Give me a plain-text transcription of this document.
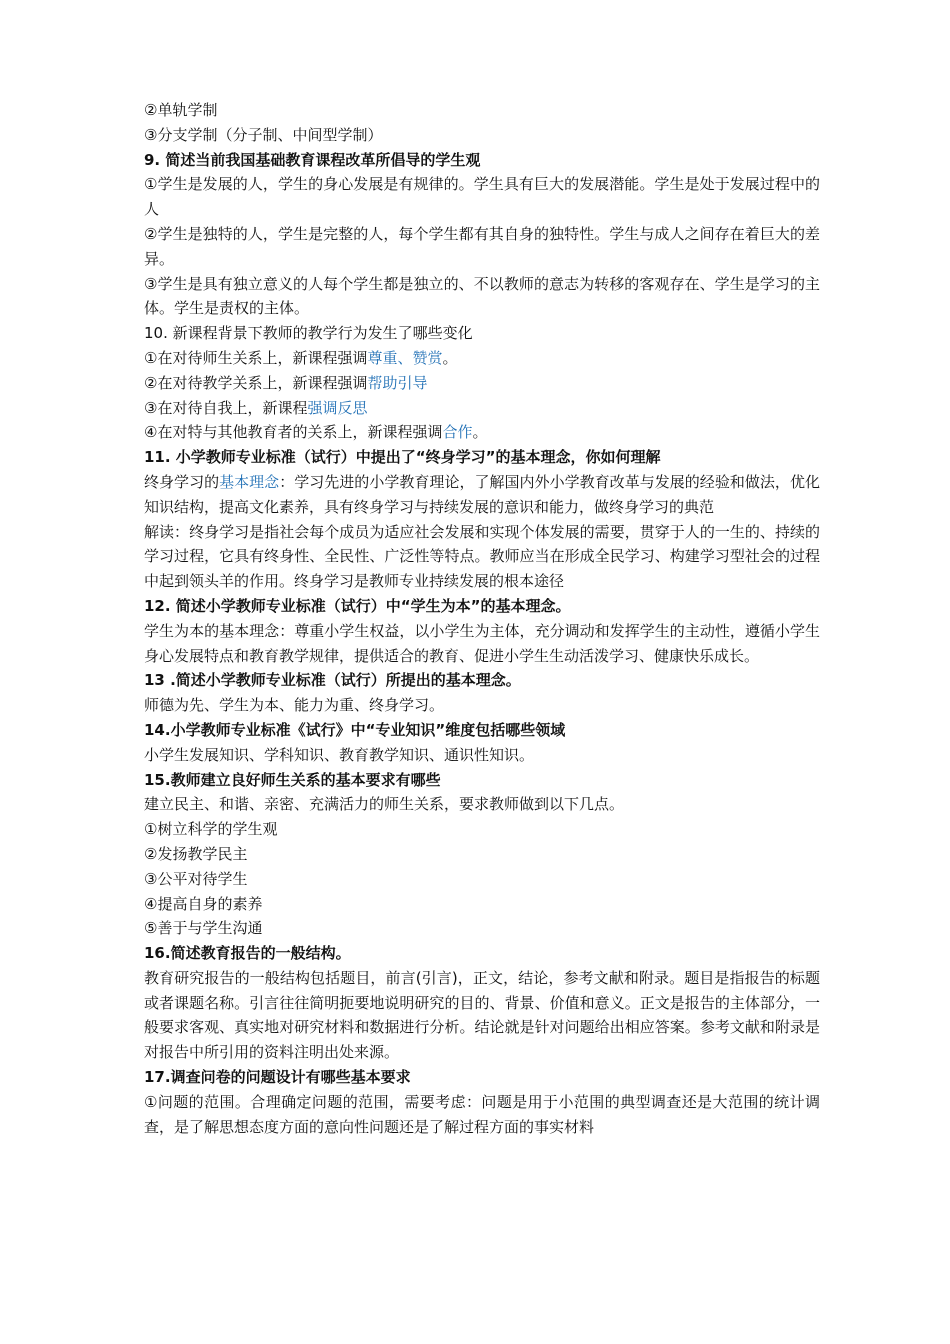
②单轨学制
③分支学制（分子制、中间型学制）
9. 简述当前我国基础教育课程改革所倡导的学生观
①学生是发展的人，学生的身心发展是有规律的。学生具有巨大的发展潜能。学生是处于发展过程中的人
②学生是独特的人，学生是完整的人，每个学生都有其自身的独特性。学生与成人之间存在着巨大的差异。
③学生是具有独立意义的人每个学生都是独立的、不以教师的意志为转移的客观存在、学生是学习的主体。学生是责权的主体。
10. 新课程背景下教师的教学行为发生了哪些变化
①在对待师生关系上，新课程强调尊重、赞赏。
②在对待教学关系上，新课程强调帮助引导
③在对待自我上，新课程强调反思
④在对特与其他教育者的关系上，新课程强调合作。
11. 小学教师专业标准（试行）中提出了“终身学习”的基本理念，你如何理解
终身学习的基本理念：学习先进的小学教育理论，了解国内外小学教育改革与发展的经验和做法，优化知识结构，提高文化素养，具有终身学习与持续发展的意识和能力，做终身学习的典范
解读：终身学习是指社会每个成员为适应社会发展和实现个体发展的需要，贯穿于人的一生的、持续的学习过程，它具有终身性、全民性、广泛性等特点。教师应当在形成全民学习、构建学习型社会的过程中起到领头羊的作用。终身学习是教师专业持续发展的根本途径
12. 简述小学教师专业标准（试行）中“学生为本”的基本理念。
学生为本的基本理念：尊重小学生权益，以小学生为主体，充分调动和发挥学生的主动性，遵循小学生身心发展特点和教育教学规律，提供适合的教育、促进小学生生动活泼学习、健康快乐成长。
13 .简述小学教师专业标准（试行）所提出的基本理念。
师德为先、学生为本、能力为重、终身学习。
14.小学教师专业标准《试行》中“专业知识”维度包括哪些领域
小学生发展知识、学科知识、教育教学知识、通识性知识。
15.教师建立良好师生关系的基本要求有哪些
建立民主、和谐、亲密、充满活力的师生关系，要求教师做到以下几点。
①树立科学的学生观
②发扬教学民主
③公平对待学生
④提高自身的素养
⑤善于与学生沟通
16.简述教育报告的一般结构。
教育研究报告的一般结构包括题目，前言(引言)，正文，结论，参考文献和附录。题目是指报告的标题或者课题名称。引言往往简明扼要地说明研究的目的、背景、价值和意义。正文是报告的主体部分，一般要求客观、真实地对研究材料和数据进行分析。结论就是针对问题给出相应答案。参考文献和附录是对报告中所引用的资料注明出处来源。
17.调查问卷的问题设计有哪些基本要求
①问题的范围。合理确定问题的范围，需要考虑：问题是用于小范围的典型调查还是大范围的统计调查，是了解思想态度方面的意向性问题还是了解过程方面的事实材料
